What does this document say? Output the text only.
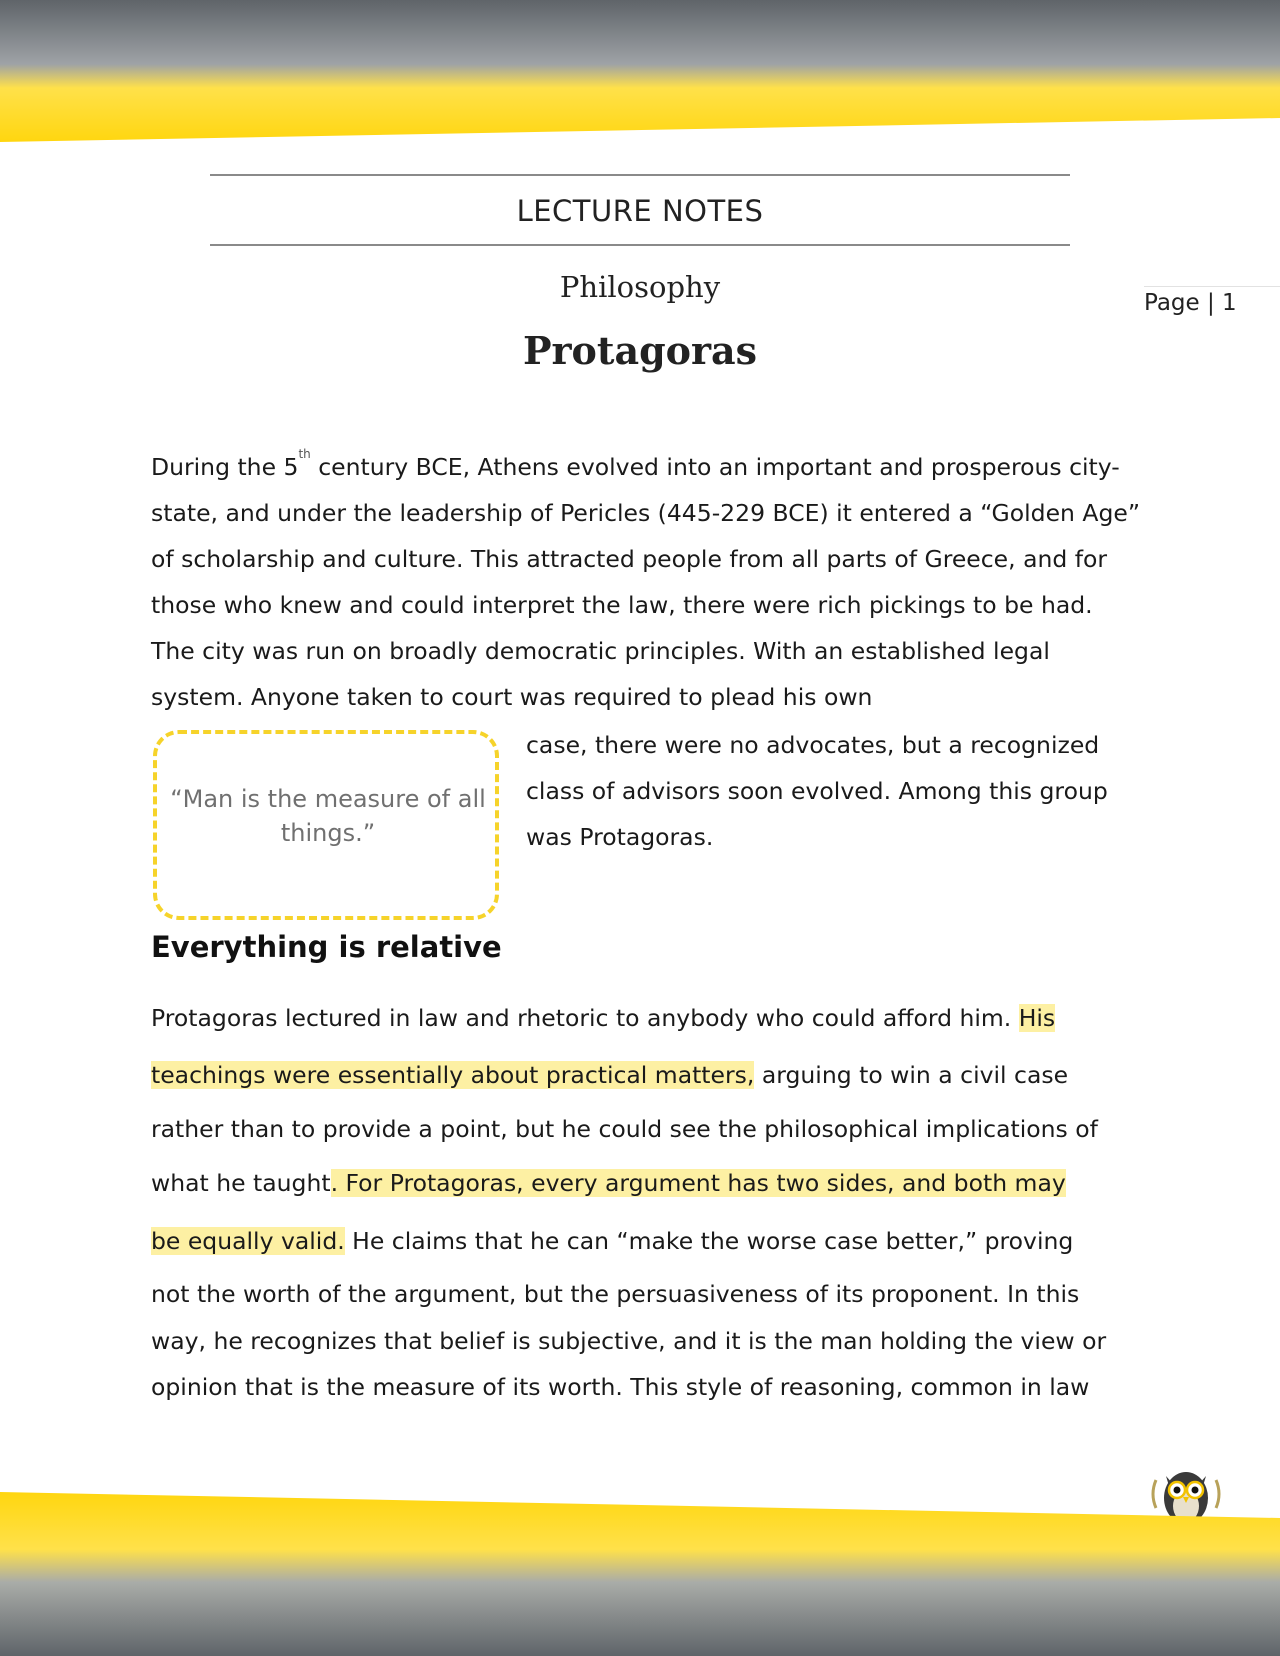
LECTURE NOTES
Philosophy
Protagoras
Page | 1

During the 5th century BCE, Athens evolved into an important and prosperous city-state, and under the leadership of Pericles (445-229 BCE) it entered a “Golden Age” of scholarship and culture. This attracted people from all parts of Greece, and for those who knew and could interpret the law, there were rich pickings to be had. The city was run on broadly democratic principles. With an established legal system. Anyone taken to court was required to plead his own

case, there were no advocates, but a recognized class of advisors soon evolved. Among this group was Protagoras.

“Man is the measure of all things.”
Everything is relative
Protagoras lectured in law and rhetoric to anybody who could afford him. His
teachings were essentially about practical matters, arguing to win a civil case
rather than to provide a point, but he could see the philosophical implications of
what he taught. For Protagoras, every argument has two sides, and both may
be equally valid. He claims that he can “make the worse case better,” proving
not the worth of the argument, but the persuasiveness of its proponent. In this
way, he recognizes that belief is subjective, and it is the man holding the view or
opinion that is the measure of its worth. This style of reasoning, common in law
